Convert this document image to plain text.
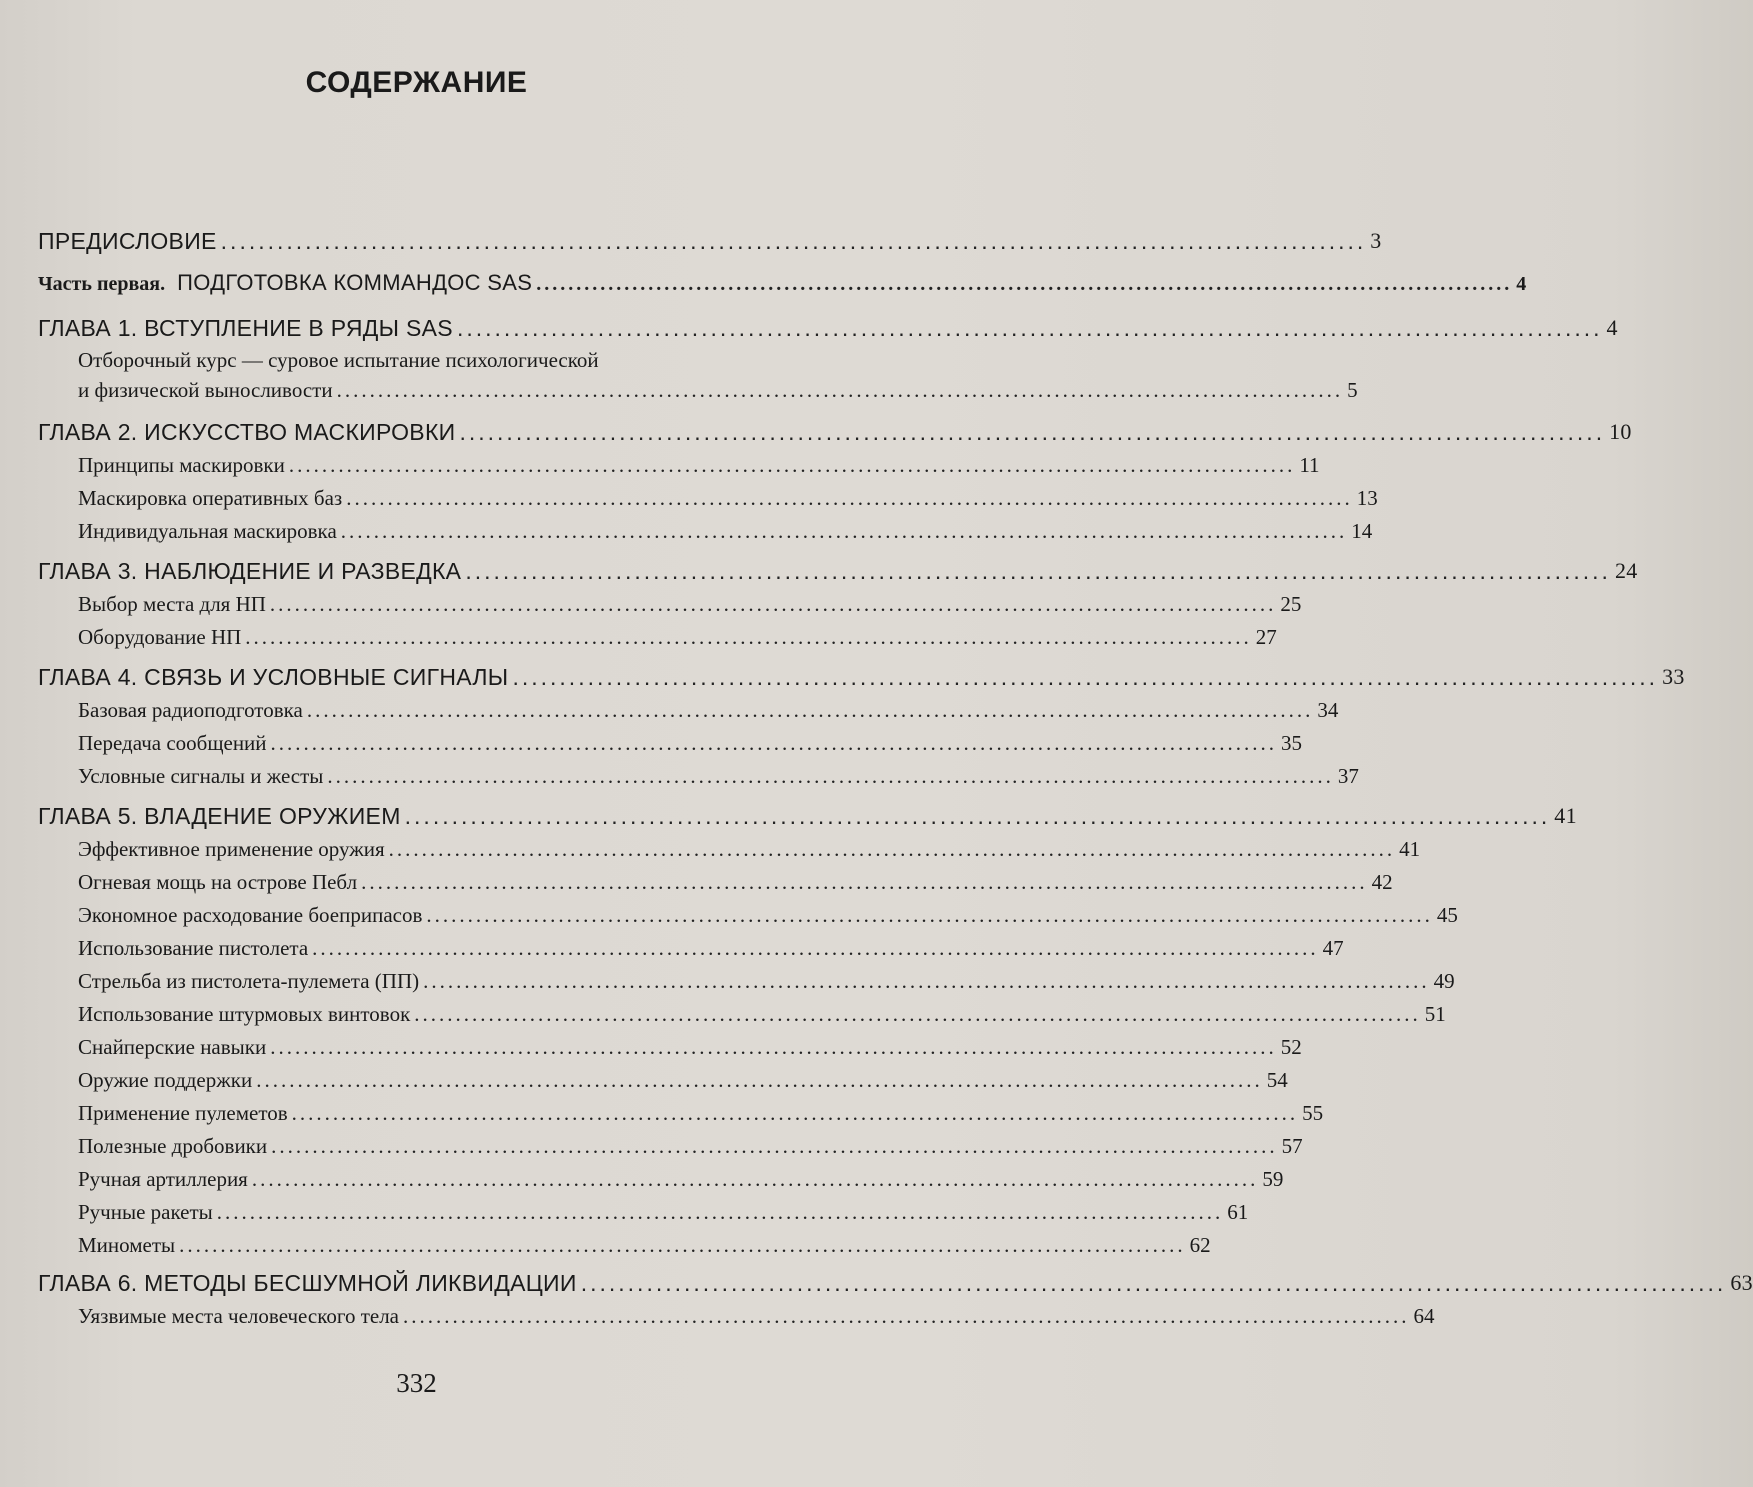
СОДЕРЖАНИЕ
ПРЕДИСЛОВИЕ .......................................................................................................................... 3
Часть первая. ПОДГОТОВКА КОММАНДОС SAS .......................................................................................................................... 4
ГЛАВА 1. ВСТУПЛЕНИЕ В РЯДЫ SAS .......................................................................................................................... 4
Отборочный курс — суровое испытание психологической
и физической выносливости .......................................................................................................................... 5
ГЛАВА 2. ИСКУССТВО МАСКИРОВКИ .......................................................................................................................... 10
Принципы маскировки .......................................................................................................................... 11
Маскировка оперативных баз .......................................................................................................................... 13
Индивидуальная маскировка .......................................................................................................................... 14
ГЛАВА 3. НАБЛЮДЕНИЕ И РАЗВЕДКА .......................................................................................................................... 24
Выбор места для НП .......................................................................................................................... 25
Оборудование НП .......................................................................................................................... 27
ГЛАВА 4. СВЯЗЬ И УСЛОВНЫЕ СИГНАЛЫ .......................................................................................................................... 33
Базовая радиоподготовка .......................................................................................................................... 34
Передача сообщений .......................................................................................................................... 35
Условные сигналы и жесты .......................................................................................................................... 37
ГЛАВА 5. ВЛАДЕНИЕ ОРУЖИЕМ .......................................................................................................................... 41
Эффективное применение оружия .......................................................................................................................... 41
Огневая мощь на острове Пебл .......................................................................................................................... 42
Экономное расходование боеприпасов .......................................................................................................................... 45
Использование пистолета .......................................................................................................................... 47
Стрельба из пистолета-пулемета (ПП) .......................................................................................................................... 49
Использование штурмовых винтовок .......................................................................................................................... 51
Снайперские навыки .......................................................................................................................... 52
Оружие поддержки .......................................................................................................................... 54
Применение пулеметов .......................................................................................................................... 55
Полезные дробовики .......................................................................................................................... 57
Ручная артиллерия .......................................................................................................................... 59
Ручные ракеты .......................................................................................................................... 61
Минометы .......................................................................................................................... 62
ГЛАВА 6. МЕТОДЫ БЕСШУМНОЙ ЛИКВИДАЦИИ .......................................................................................................................... 63
Уязвимые места человеческого тела .......................................................................................................................... 64
332
